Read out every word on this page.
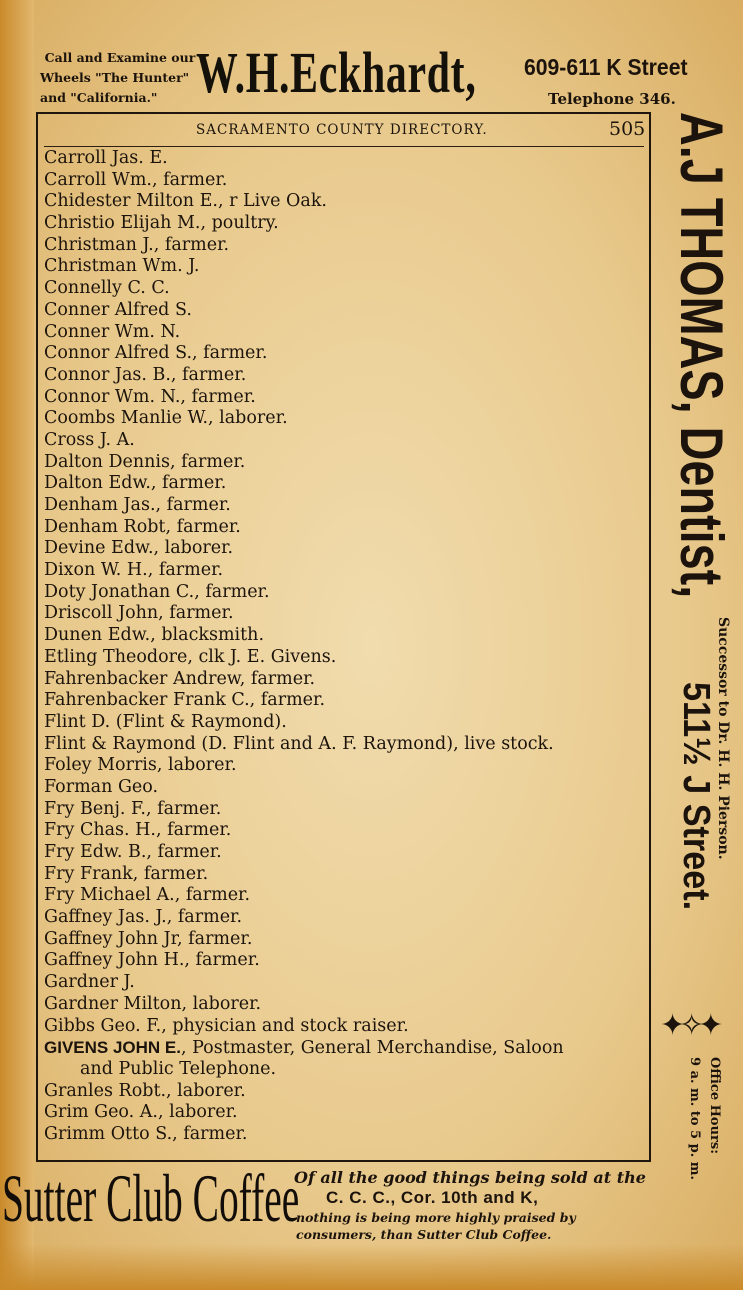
Call and Examine our
Wheels "The Hunter"
and "California." W.H.Eckhardt, 609-611 K Street
Telephone 346.
SACRAMENTO COUNTY DIRECTORY.	505
Carroll Jas. E.
Carroll Wm., farmer.
Chidester Milton E., r Live Oak.
Christio Elijah M., poultry.
Christman J., farmer.
Christman Wm. J.
Connelly C. C.
Conner Alfred S.
Conner Wm. N.
Connor Alfred S., farmer.
Connor Jas. B., farmer.
Connor Wm. N., farmer.
Coombs Manlie W., laborer.
Cross J. A.
Dalton Dennis, farmer.
Dalton Edw., farmer.
Denham Jas., farmer.
Denham Robt, farmer.
Devine Edw., laborer.
Dixon W. H., farmer.
Doty Jonathan C., farmer.
Driscoll John, farmer.
Dunen Edw., blacksmith.
Etling Theodore, clk J. E. Givens.
Fahrenbacker Andrew, farmer.
Fahrenbacker Frank C., farmer.
Flint D. (Flint & Raymond).
Flint & Raymond (D. Flint and A. F. Raymond), live stock.
Foley Morris, laborer.
Forman Geo.
Fry Benj. F., farmer.
Fry Chas. H., farmer.
Fry Edw. B., farmer.
Fry Frank, farmer.
Fry Michael A., farmer.
Gaffney Jas. J., farmer.
Gaffney John Jr, farmer.
Gaffney John H., farmer.
Gardner J.
Gardner Milton, laborer.
Gibbs Geo. F., physician and stock raiser.
GIVENS JOHN E., Postmaster, General Merchandise, Saloon
and Public Telephone.
Granles Robt., laborer.
Grim Geo. A., laborer.
Grimm Otto S., farmer.
A.J THOMAS, Dentist,
Successor to Dr. H. H. Pierson.
511½ J Street.
✦✧✦
Office Hours:
9 a. m. to 5 p. m.
Sutter Club Coffee
Of all the good things being sold at the
C. C. C., Cor. 10th and K,
nothing is being more highly praised by
consumers, than Sutter Club Coffee.
